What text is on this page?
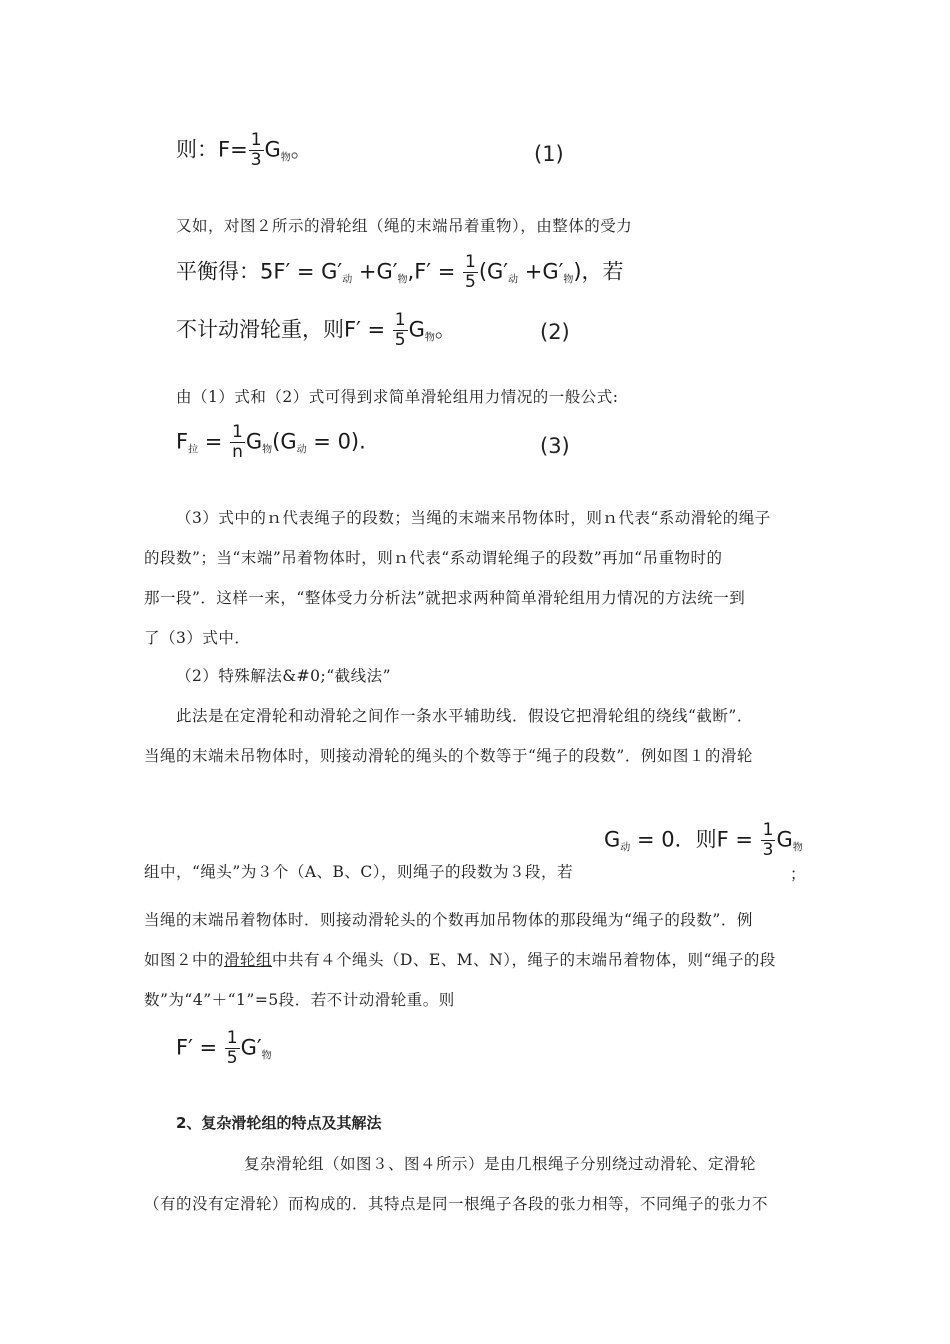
则：$F= \frac{1}{3} G_物$。	(1)
又如，对图２所示的滑轮组（绳的末端吊着重物），由整体的受力
平衡得：$5F' = G'_动 +G'_物,F' = \frac{1}{5} (G'_动 +G'_物)$，若
不计动滑轮重，则$F' = \frac{1}{5} G_物$。	(2)
由（1）式和（2）式可得到求简单滑轮组用力情况的一般公式:
$F_拉 = \frac{1}{n} G_物(G_动 = 0)$.	(3)
（3）式中的ｎ代表绳子的段数；当绳的末端来吊物体时，则ｎ代表“系动滑轮的绳子
的段数”；当“末端”吊着物体时，则ｎ代表“系动谓轮绳子的段数”再加“吊重物时的
那一段”．这样一来，“整体受力分析法”就把求两种简单滑轮组用力情况的方法统一到
了（3）式中．
（2）特殊解法&#0;“截线法”
此法是在定滑轮和动滑轮之间作一条水平辅助线．假设它把滑轮组的绕线“截断”．
当绳的末端未吊物体时，则接动滑轮的绳头的个数等于“绳子的段数”．例如图１的滑轮
$G_动 = 0$．则$F = \frac{1}{3} G_物$
组中，“绳头”为３个（A、B、C），则绳子的段数为３段，若	；
当绳的末端吊着物体时．则接动滑轮头的个数再加吊物体的那段绳为“绳子的段数”．例
如图２中的滑轮组中共有４个绳头（D、E、M、N），绳子的末端吊着物体，则“绳子的段
数”为“4”＋“1”=5段．若不计动滑轮重。则
$F' = \frac{1}{5} G'_物$
2、复杂滑轮组的特点及其解法
复杂滑轮组（如图３、图４所示）是由几根绳子分别绕过动滑轮、定滑轮
（有的没有定滑轮）而构成的．其特点是同一根绳子各段的张力相等，不同绳子的张力不
